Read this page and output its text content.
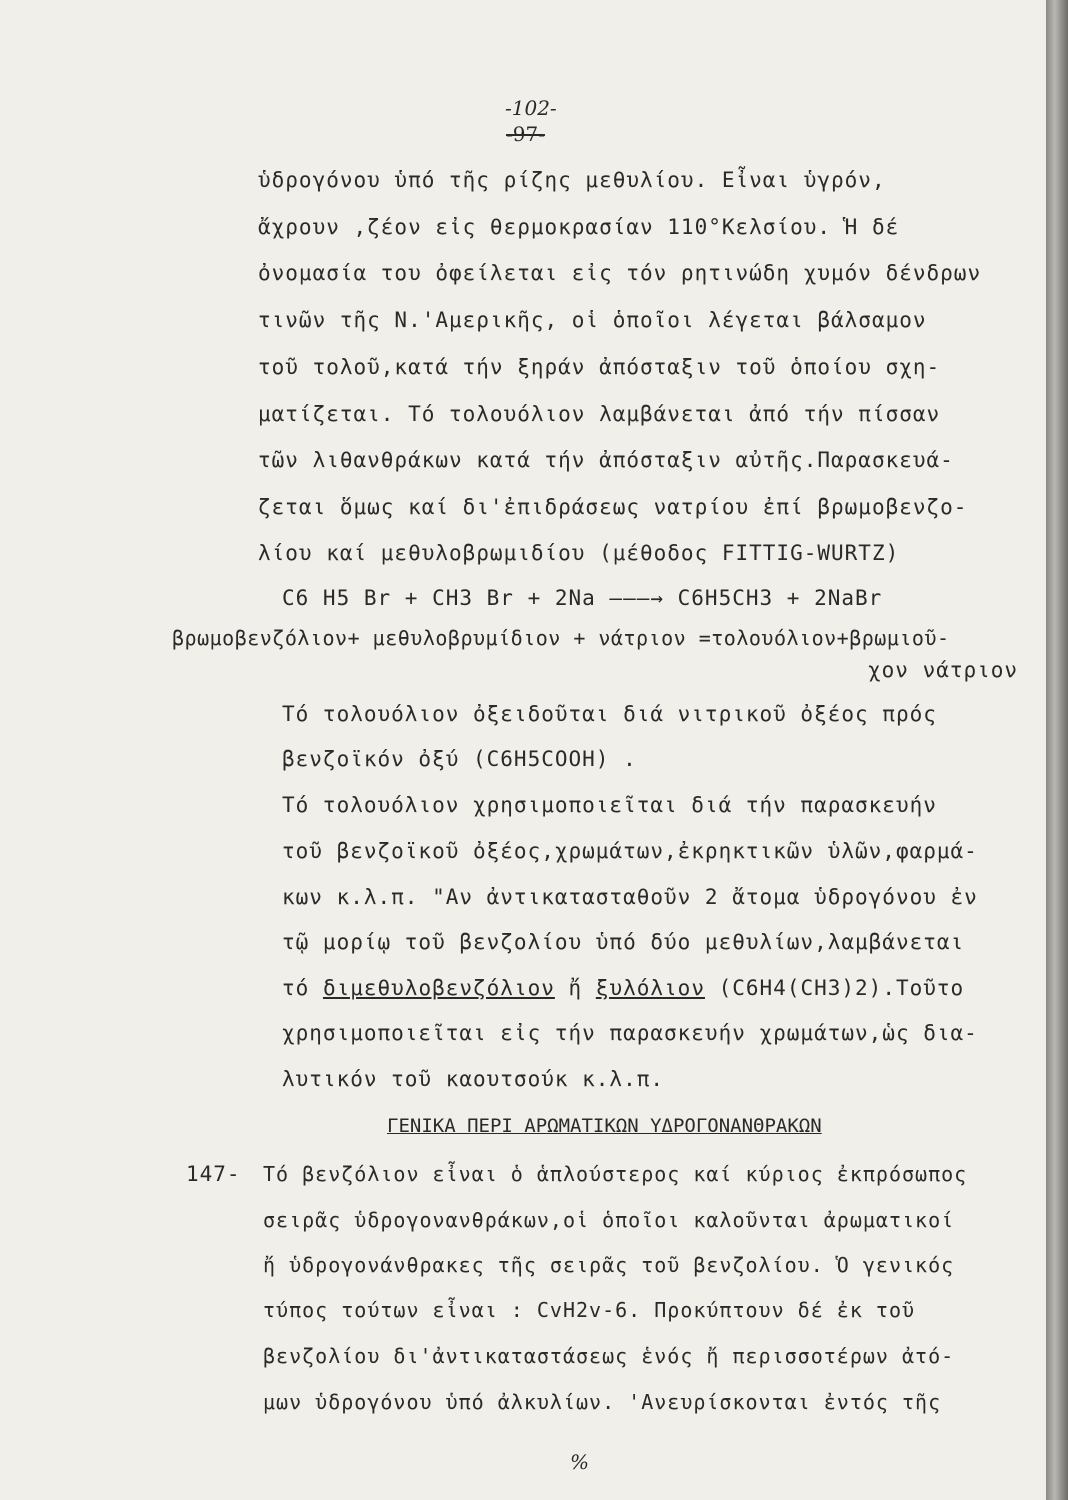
-102-
-97-
ὑδρογόνου ὑπό τῆς ρίζης μεθυλίου. Εἶναι ὑγρόν,
ἄχρουν ,ζέον εἰς θερμοκρασίαν 110°Κελσίου. Ἡ δέ
ὀνομασία του ὀφείλεται εἰς τόν ρητινώδη χυμόν δένδρων
τινῶν τῆς Ν.'Αμερικῆς, οἱ ὁποῖοι λέγεται βάλσαμον
τοῦ τολοῦ,κατά τήν ξηράν ἀπόσταξιν τοῦ ὁποίου σχη-
ματίζεται. Τό τολουόλιον λαμβάνεται ἀπό τήν πίσσαν
τῶν λιθανθράκων κατά τήν ἀπόσταξιν αὐτῆς.Παρασκευά-
ζεται ὅμως καί δι'ἐπιδράσεως νατρίου ἐπί βρωμοβενζο-
λίου καί μεθυλοβρωμιδίου (μέθοδος FITTIG-WURTZ)
C6 H5 Br + CH3 Br + 2Na ———→ C6H5CH3 + 2NaBr
βρωμοβενζόλιον+ μεθυλοβρυμίδιον + νάτριον =τολουόλιον+βρωμιοῦ-
χον νάτριον
Τό τολουόλιον ὀξειδοῦται διά νιτρικοῦ ὀξέος πρός
βενζοϊκόν ὀξύ (C6H5COOH) .
Τό τολουόλιον χρησιμοποιεῖται διά τήν παρασκευήν
τοῦ βενζοϊκοῦ ὀξέος,χρωμάτων,ἐκρηκτικῶν ὑλῶν,φαρμά-
κων κ.λ.π. "Αν ἀντικατασταθοῦν 2 ἄτομα ὑδρογόνου ἐν
τῷ μορίῳ τοῦ βενζολίου ὑπό δύο μεθυλίων,λαμβάνεται
τό διμεθυλοβενζόλιον ἤ ξυλόλιον (C6H4(CH3)2).Τοῦτο
χρησιμοποιεῖται εἰς τήν παρασκευήν χρωμάτων,ὡς δια-
λυτικόν τοῦ καουτσούκ κ.λ.π.
ΓΕΝΙΚΑ ΠΕΡΙ ΑΡΩΜΑΤΙΚΩΝ ΥΔΡΟΓΟΝΑΝΘΡΑΚΩΝ
147- Τό βενζόλιον εἶναι ὁ ἁπλούστερος καί κύριος ἐκπρόσωπος
σειρᾶς ὑδρογονανθράκων,οἱ ὁποῖοι καλοῦνται ἀρωματικοί
ἤ ὑδρογονάνθρακες τῆς σειρᾶς τοῦ βενζολίου. Ὁ γενικός
τύπος τούτων εἶναι : CvH2v-6. Προκύπτουν δέ ἐκ τοῦ
βενζολίου δι'ἀντικαταστάσεως ἑνός ἤ περισσοτέρων ἀτό-
μων ὑδρογόνου ὑπό ἀλκυλίων. 'Ανευρίσκονται ἐντός τῆς
%
